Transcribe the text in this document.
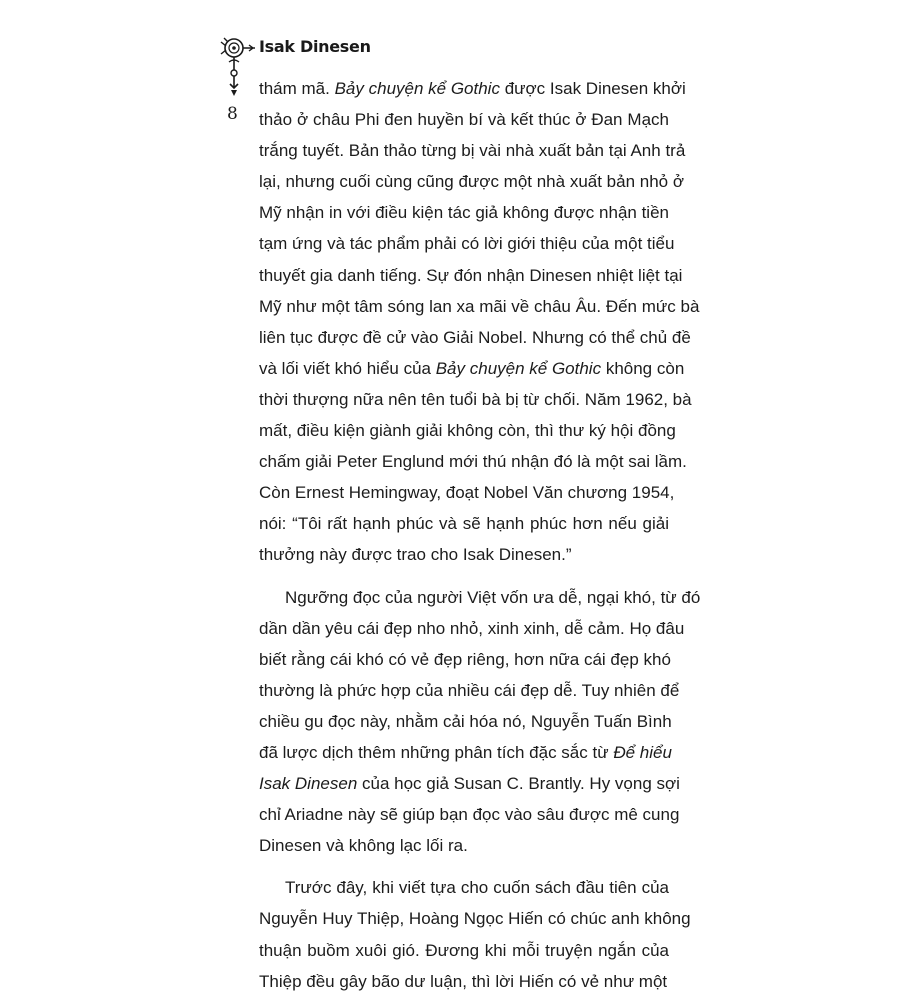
Isak Dinesen
8
thám mã. Bảy chuyện kể Gothic được Isak Dinesen khởi
thảo ở châu Phi đen huyền bí và kết thúc ở Đan Mạch
trắng tuyết. Bản thảo từng bị vài nhà xuất bản tại Anh trả
lại, nhưng cuối cùng cũng được một nhà xuất bản nhỏ ở
Mỹ nhận in với điều kiện tác giả không được nhận tiền
tạm ứng và tác phẩm phải có lời giới thiệu của một tiểu
thuyết gia danh tiếng. Sự đón nhận Dinesen nhiệt liệt tại
Mỹ như một tâm sóng lan xa mãi về châu Âu. Đến mức bà
liên tục được đề cử vào Giải Nobel. Nhưng có thể chủ đề
và lối viết khó hiểu của Bảy chuyện kể Gothic không còn
thời thượng nữa nên tên tuổi bà bị từ chối. Năm 1962, bà
mất, điều kiện giành giải không còn, thì thư ký hội đồng
chấm giải Peter Englund mới thú nhận đó là một sai lầm.
Còn Ernest Hemingway, đoạt Nobel Văn chương 1954,
nói: “Tôi rất hạnh phúc và sẽ hạnh phúc hơn nếu giải
thưởng này được trao cho Isak Dinesen.”
Ngưỡng đọc của người Việt vốn ưa dễ, ngại khó, từ đó
dần dần yêu cái đẹp nho nhỏ, xinh xinh, dễ cảm. Họ đâu
biết rằng cái khó có vẻ đẹp riêng, hơn nữa cái đẹp khó
thường là phức hợp của nhiều cái đẹp dễ. Tuy nhiên để
chiều gu đọc này, nhằm cải hóa nó, Nguyễn Tuấn Bình
đã lược dịch thêm những phân tích đặc sắc từ Để hiểu
Isak Dinesen của học giả Susan C. Brantly. Hy vọng sợi
chỉ Ariadne này sẽ giúp bạn đọc vào sâu được mê cung
Dinesen và không lạc lối ra.
Trước đây, khi viết tựa cho cuốn sách đầu tiên của
Nguyễn Huy Thiệp, Hoàng Ngọc Hiến có chúc anh không
thuận buồm xuôi gió. Đương khi mỗi truyện ngắn của
Thiệp đều gây bão dư luận, thì lời Hiến có vẻ như một
